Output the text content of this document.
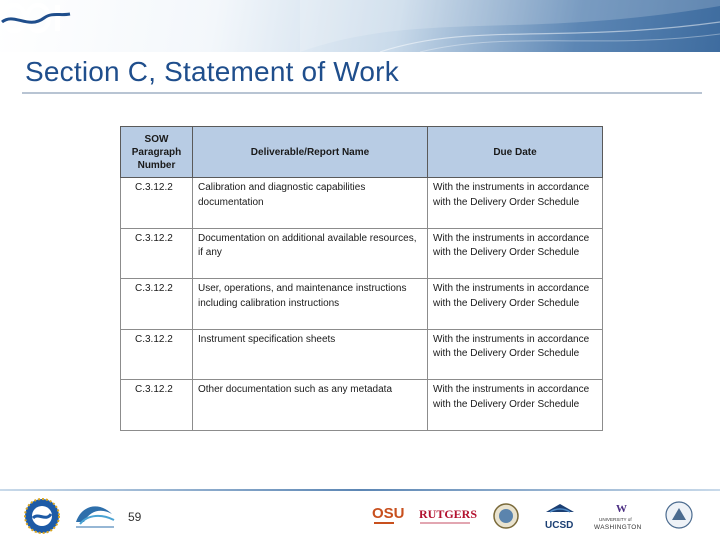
OOI
Section C, Statement of Work
SOW Paragraph Number	Deliverable/Report Name	Due Date
C.3.12.2	Calibration and diagnostic capabilities documentation	With the instruments in accordance with the Delivery Order Schedule
C.3.12.2	Documentation on additional available resources, if any	With the instruments in accordance with the Delivery Order Schedule
C.3.12.2	User, operations, and maintenance instructions including calibration instructions	With the instruments in accordance with the Delivery Order Schedule
C.3.12.2	Instrument specification sheets	With the instruments in accordance with the Delivery Order Schedule
C.3.12.2	Other documentation such as any metadata	With the instruments in accordance with the Delivery Order Schedule
59	OSU RUTGERS
UCSD
W
UNIVERSITY of
WASHINGTON
